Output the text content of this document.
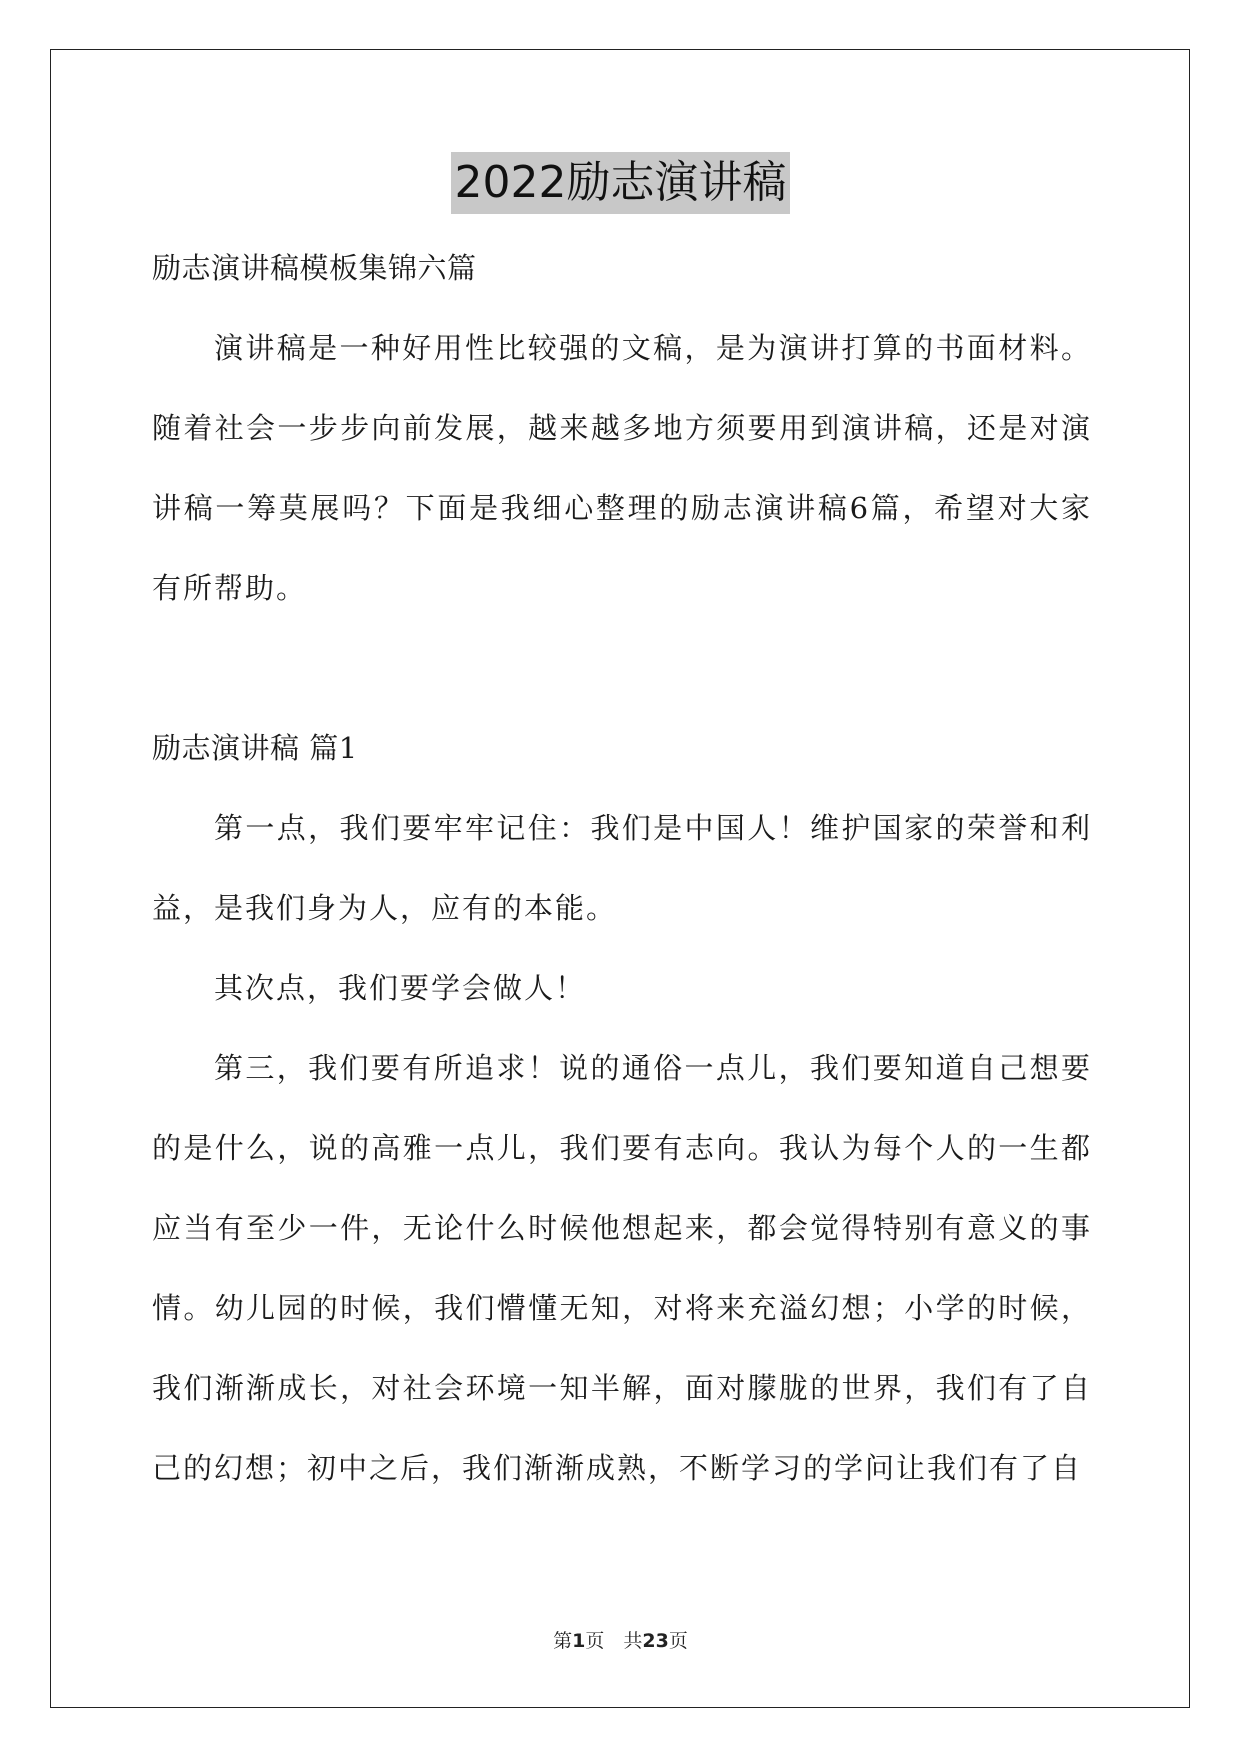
2022励志演讲稿
励志演讲稿模板集锦六篇
演讲稿是一种好用性比较强的文稿，是为演讲打算的书面材料。随着社会一步步向前发展，越来越多地方须要用到演讲稿，还是对演讲稿一筹莫展吗？下面是我细心整理的励志演讲稿6篇，希望对大家有所帮助。
励志演讲稿 篇1
第一点，我们要牢牢记住：我们是中国人！维护国家的荣誉和利益，是我们身为人，应有的本能。
其次点，我们要学会做人！
第三，我们要有所追求！说的通俗一点儿，我们要知道自己想要的是什么，说的高雅一点儿，我们要有志向。我认为每个人的一生都应当有至少一件，无论什么时候他想起来，都会觉得特别有意义的事情。幼儿园的时候，我们懵懂无知，对将来充溢幻想；小学的时候，我们渐渐成长，对社会环境一知半解，面对朦胧的世界，我们有了自己的幻想；初中之后，我们渐渐成熟，不断学习的学问让我们有了自
第1页　共23页
